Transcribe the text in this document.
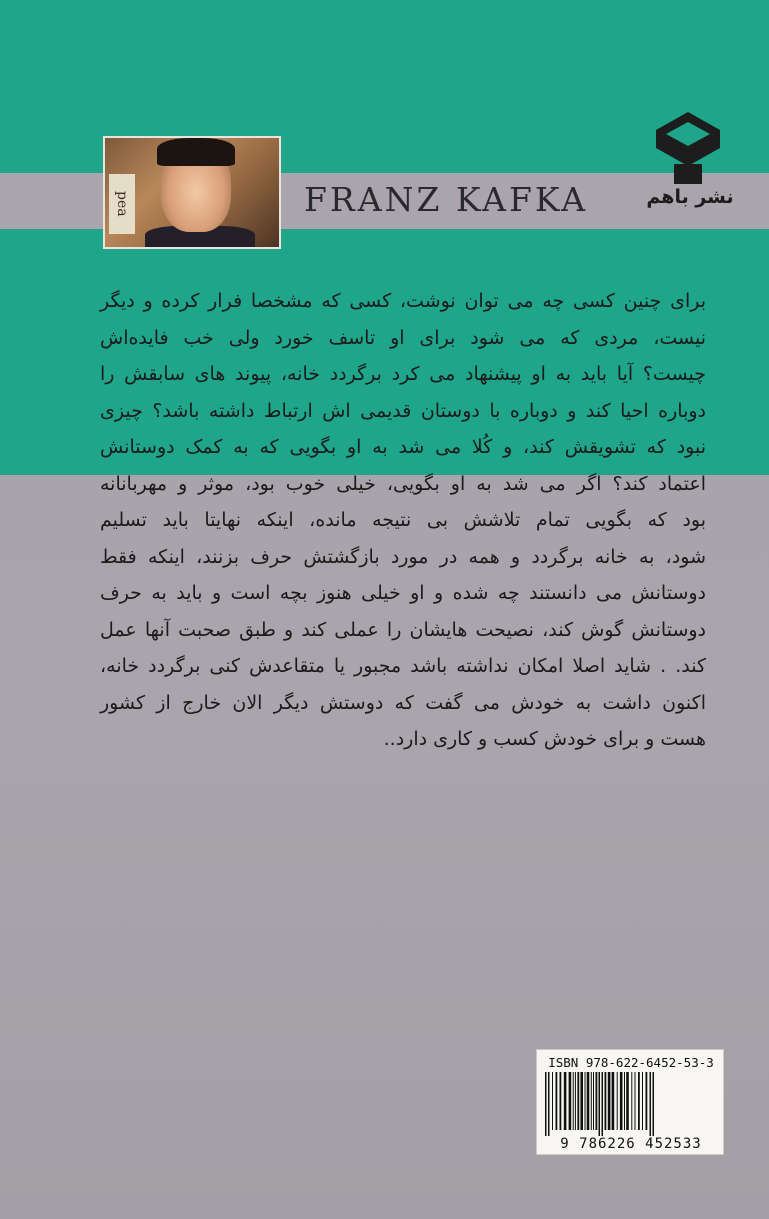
pea	FRANZ KAFKA	نشر باهم
برای چنین کسی چه می توان نوشت، کسی که مشخصا فرار کرده و دیگر
نیست، مردی که می شود برای او تاسف خورد ولی خب فایده‌اش
چیست؟ آیا باید به او پیشنهاد می کرد برگردد خانه، پیوند های سابقش را
دوباره احیا کند و دوباره با دوستان قدیمی اش ارتباط داشته باشد؟ چیزی
نبود که تشویقش کند، و کُلا می شد به او بگویی که به کمک دوستانش
اعتماد کند؟ اگر می شد به او بگویی، خیلی خوب بود، موثر و مهربانانه
بود که بگویی تمام تلاشش بی نتیجه مانده، اینکه نهایتا باید تسلیم
شود، به خانه برگردد و همه در مورد بازگشتش حرف بزنند، اینکه فقط
دوستانش می دانستند چه شده و او خیلی هنوز بچه است و باید به حرف
دوستانش گوش کند، نصیحت هایشان را عملی کند و طبق صحبت آنها عمل
کند. . شاید اصلا امکان نداشته باشد مجبور یا متقاعدش کنی برگردد خانه،
اکنون داشت به خودش می گفت که دوستش دیگر الان خارج از کشور
هست و برای خودش کسب و کاری دارد..
ISBN 978-622-6452-53-3
9 786226 452533
